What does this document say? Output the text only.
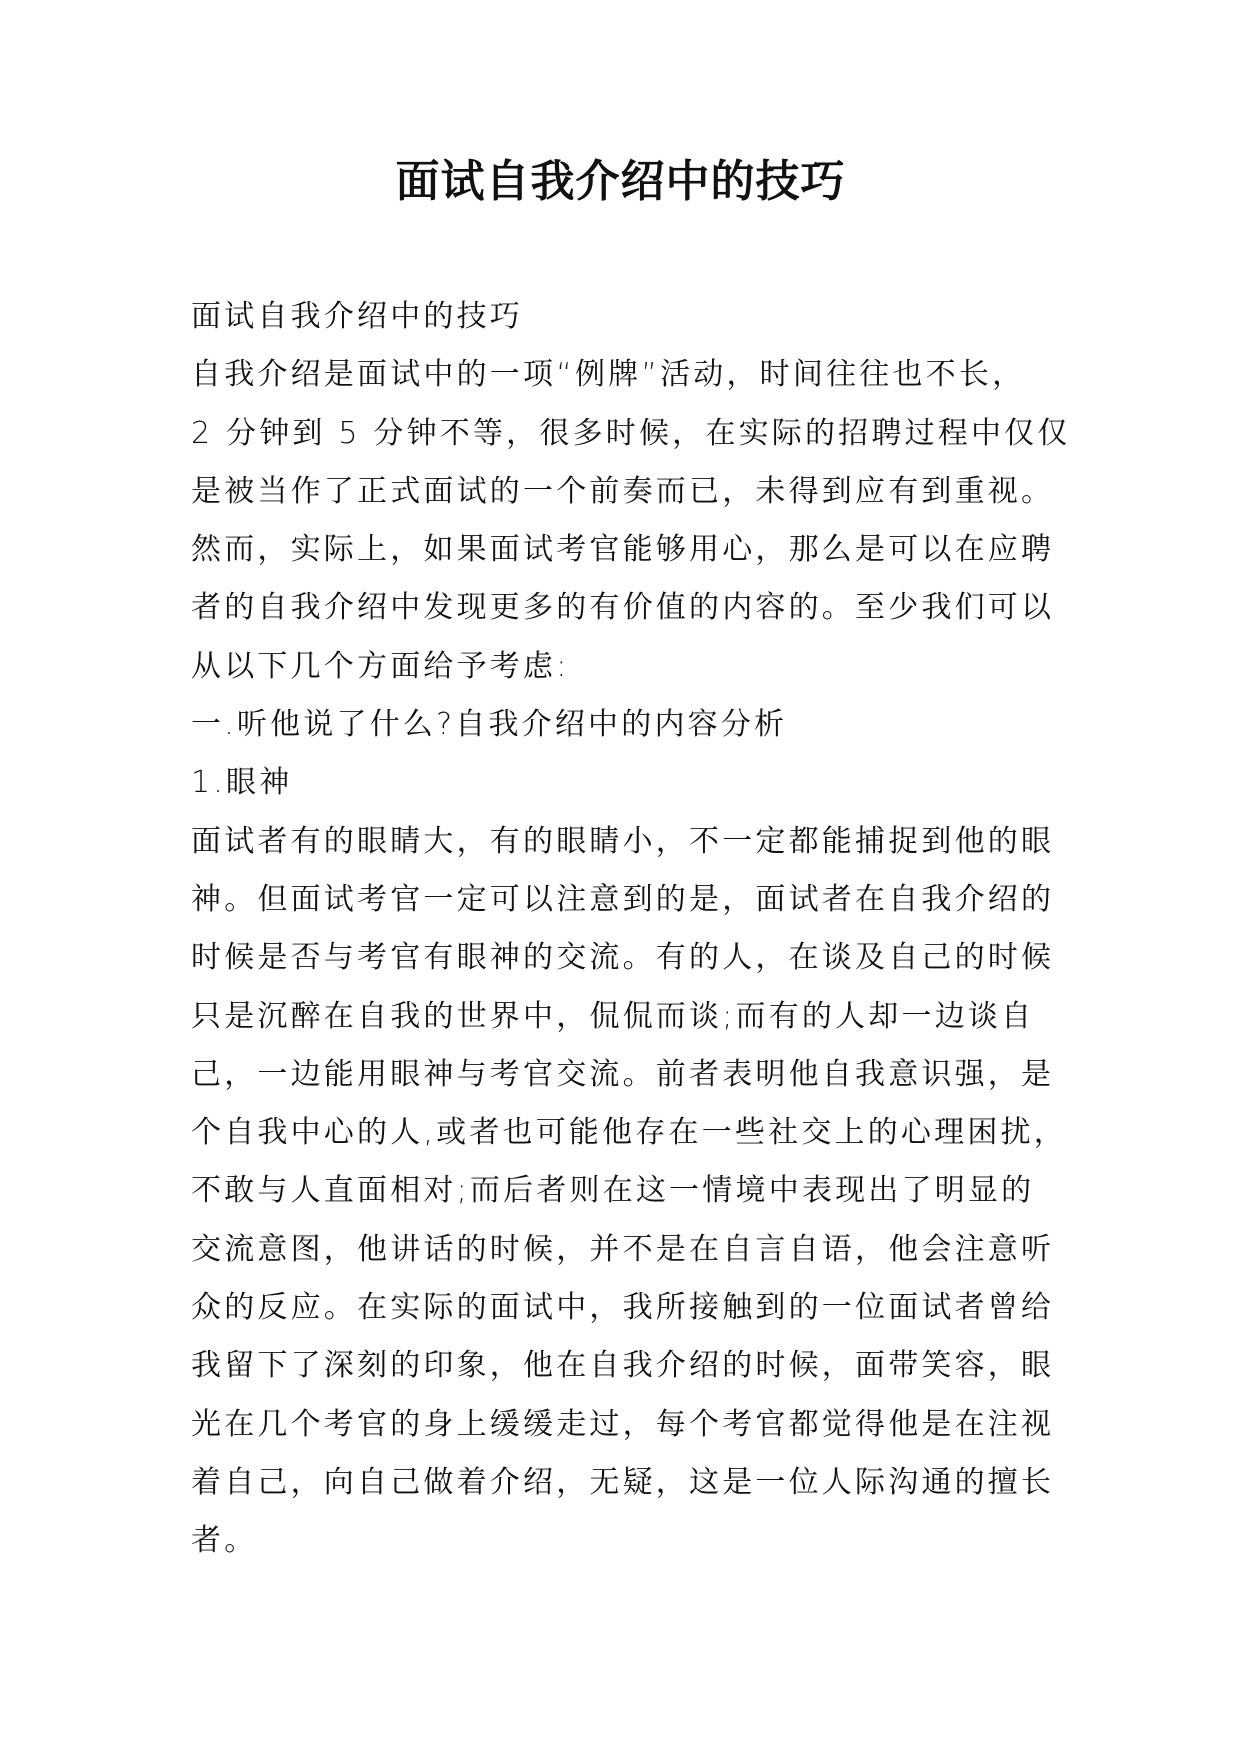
面试自我介绍中的技巧
面试自我介绍中的技巧
自我介绍是面试中的一项“例牌”活动，时间往往也不长，
2 分钟到 5 分钟不等，很多时候，在实际的招聘过程中仅仅
是被当作了正式面试的一个前奏而已，未得到应有到重视。
然而，实际上，如果面试考官能够用心，那么是可以在应聘
者的自我介绍中发现更多的有价值的内容的。至少我们可以
从以下几个方面给予考虑:
一.听他说了什么?自我介绍中的内容分析
1.眼神
面试者有的眼睛大，有的眼睛小，不一定都能捕捉到他的眼
神。但面试考官一定可以注意到的是，面试者在自我介绍的
时候是否与考官有眼神的交流。有的人，在谈及自己的时候
只是沉醉在自我的世界中，侃侃而谈;而有的人却一边谈自
己，一边能用眼神与考官交流。前者表明他自我意识强，是
个自我中心的人,或者也可能他存在一些社交上的心理困扰，
不敢与人直面相对;而后者则在这一情境中表现出了明显的
交流意图，他讲话的时候，并不是在自言自语，他会注意听
众的反应。在实际的面试中，我所接触到的一位面试者曾给
我留下了深刻的印象，他在自我介绍的时候，面带笑容，眼
光在几个考官的身上缓缓走过，每个考官都觉得他是在注视
着自己，向自己做着介绍，无疑，这是一位人际沟通的擅长
者。
